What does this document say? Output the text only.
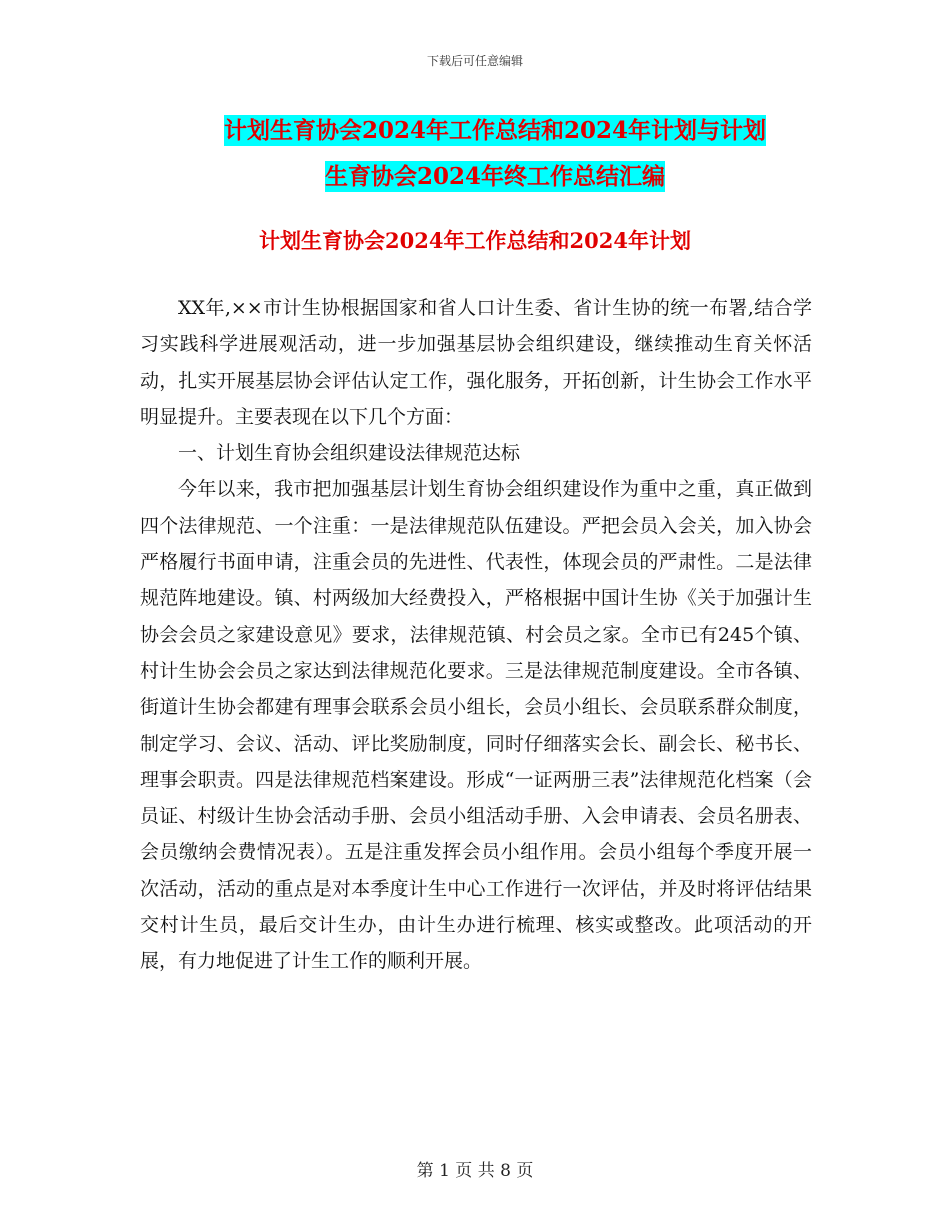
下载后可任意编辑
计划生育协会2024年工作总结和2024年计划与计划
生育协会2024年终工作总结汇编
计划生育协会2024年工作总结和2024年计划

XX年,××市计生协根据国家和省人口计生委、省计生协的统一布署,结合学习实践科学进展观活动，进一步加强基层协会组织建设，继续推动生育关怀活动，扎实开展基层协会评估认定工作，强化服务，开拓创新，计生协会工作水平明显提升。主要表现在以下几个方面：

一、计划生育协会组织建设法律规范达标

今年以来，我市把加强基层计划生育协会组织建设作为重中之重，真正做到四个法律规范、一个注重：一是法律规范队伍建设。严把会员入会关，加入协会严格履行书面申请，注重会员的先进性、代表性，体现会员的严肃性。二是法律规范阵地建设。镇、村两级加大经费投入，严格根据中国计生协《关于加强计生协会会员之家建设意见》要求，法律规范镇、村会员之家。全市已有245个镇、村计生协会会员之家达到法律规范化要求。三是法律规范制度建设。全市各镇、街道计生协会都建有理事会联系会员小组长，会员小组长、会员联系群众制度，制定学习、会议、活动、评比奖励制度，同时仔细落实会长、副会长、秘书长、理事会职责。四是法律规范档案建设。形成“一证两册三表”法律规范化档案（会员证、村级计生协会活动手册、会员小组活动手册、入会申请表、会员名册表、会员缴纳会费情况表）。五是注重发挥会员小组作用。会员小组每个季度开展一次活动，活动的重点是对本季度计生中心工作进行一次评估，并及时将评估结果交村计生员，最后交计生办，由计生办进行梳理、核实或整改。此项活动的开展，有力地促进了计生工作的顺利开展。

第 1 页 共 8 页
